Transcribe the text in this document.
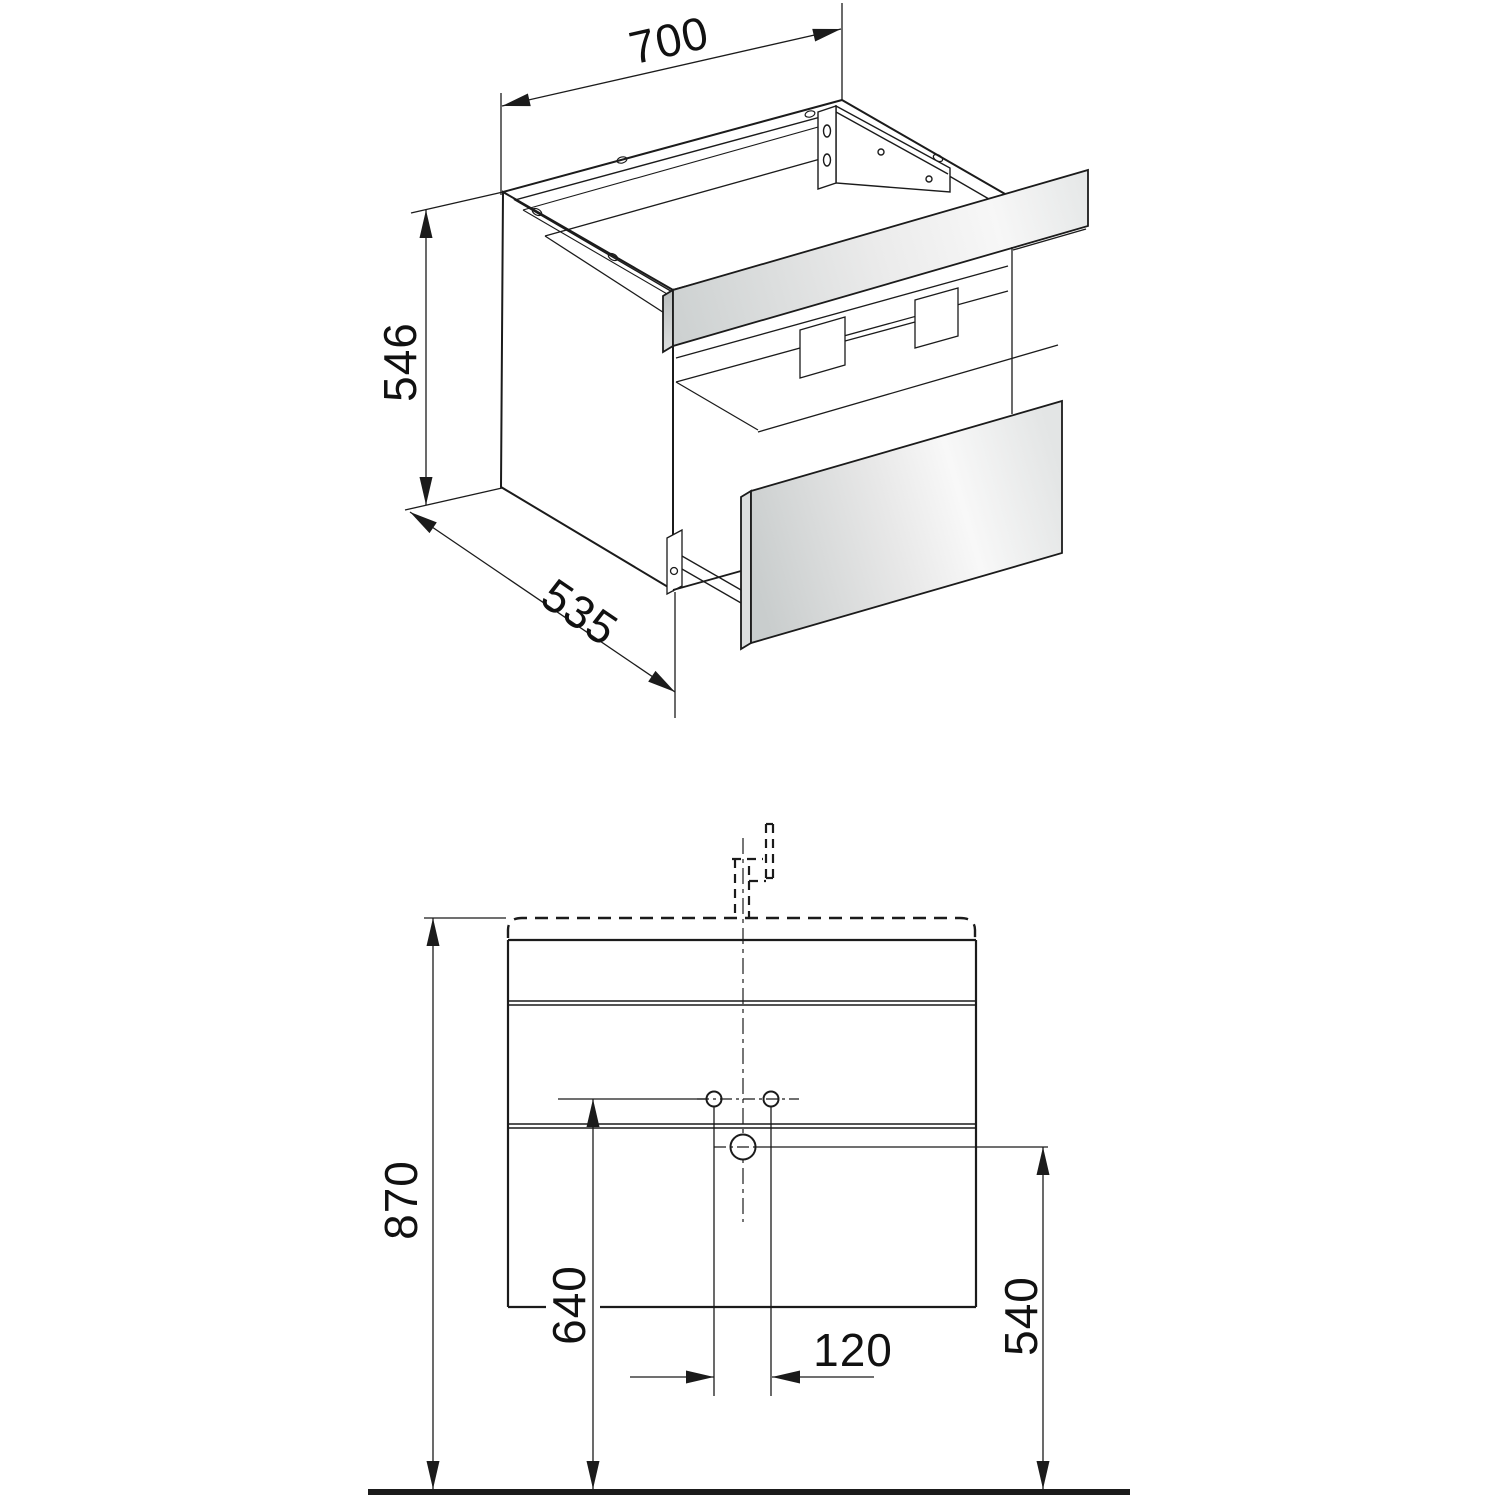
700
546
535
870
640	540
120
